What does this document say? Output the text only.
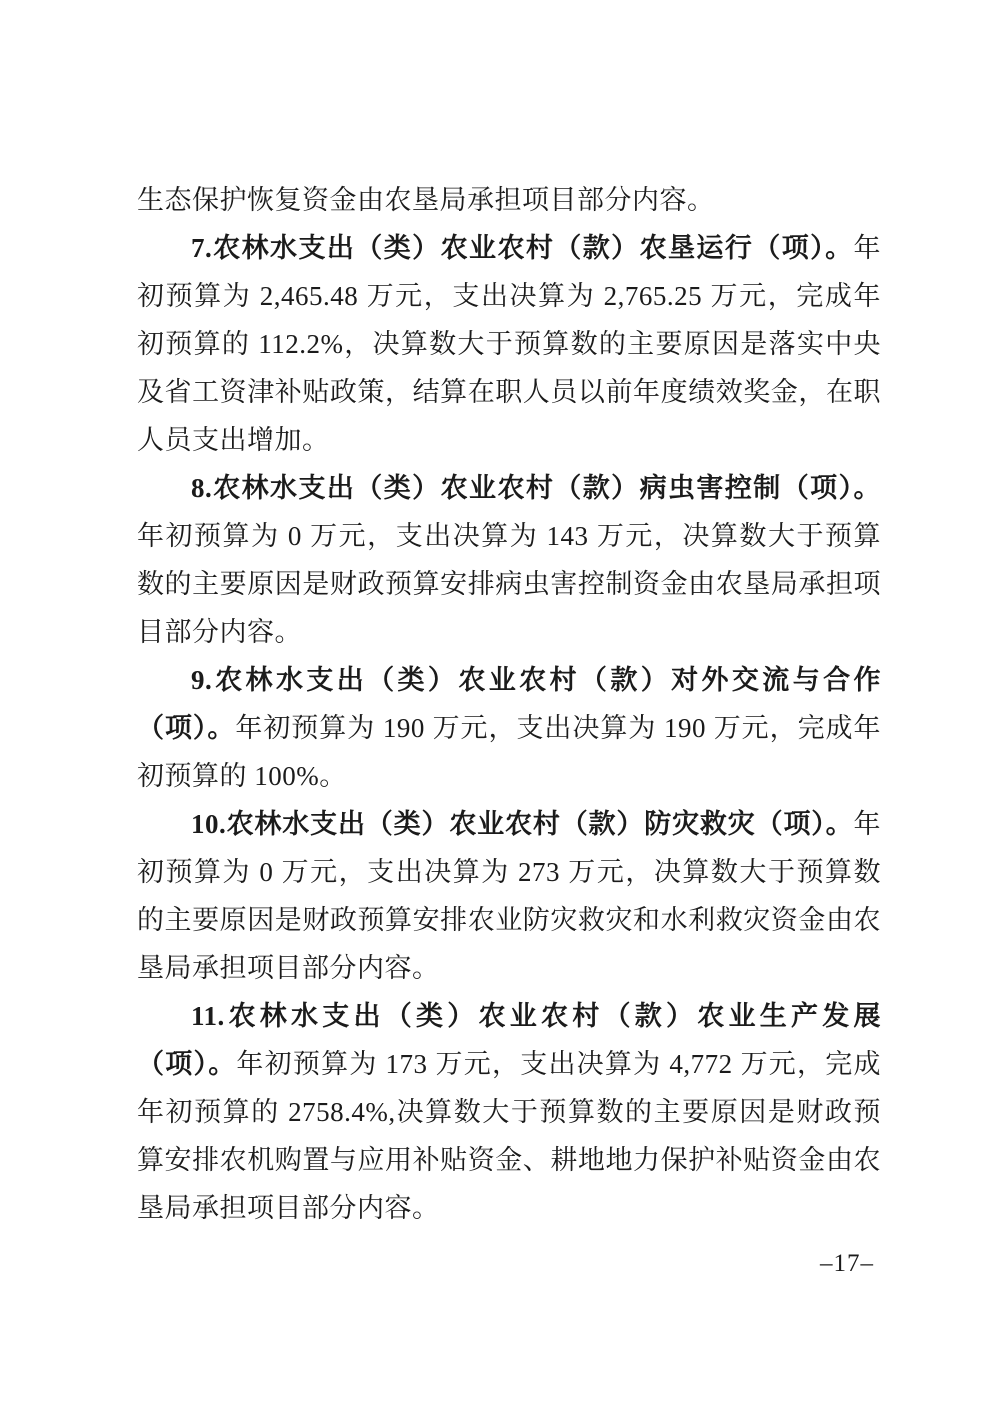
生态保护恢复资金由农垦局承担项目部分内容。

7.农林水支出（类）农业农村（款）农垦运行（项）。年初预算为 2,465.48 万元，支出决算为 2,765.25 万元，完成年初预算的 112.2%，决算数大于预算数的主要原因是落实中央及省工资津补贴政策，结算在职人员以前年度绩效奖金，在职人员支出增加。

8.农林水支出（类）农业农村（款）病虫害控制（项）。年初预算为 0 万元，支出决算为 143 万元，决算数大于预算数的主要原因是财政预算安排病虫害控制资金由农垦局承担项目部分内容。

9.农林水支出（类）农业农村（款）对外交流与合作（项）。年初预算为 190 万元，支出决算为 190 万元，完成年初预算的 100%。

10.农林水支出（类）农业农村（款）防灾救灾（项）。年初预算为 0 万元，支出决算为 273 万元，决算数大于预算数的主要原因是财政预算安排农业防灾救灾和水利救灾资金由农垦局承担项目部分内容。

11.农林水支出（类）农业农村（款）农业生产发展（项）。年初预算为 173 万元，支出决算为 4,772 万元，完成年初预算的 2758.4%,决算数大于预算数的主要原因是财政预算安排农机购置与应用补贴资金、耕地地力保护补贴资金由农垦局承担项目部分内容。

–17–
